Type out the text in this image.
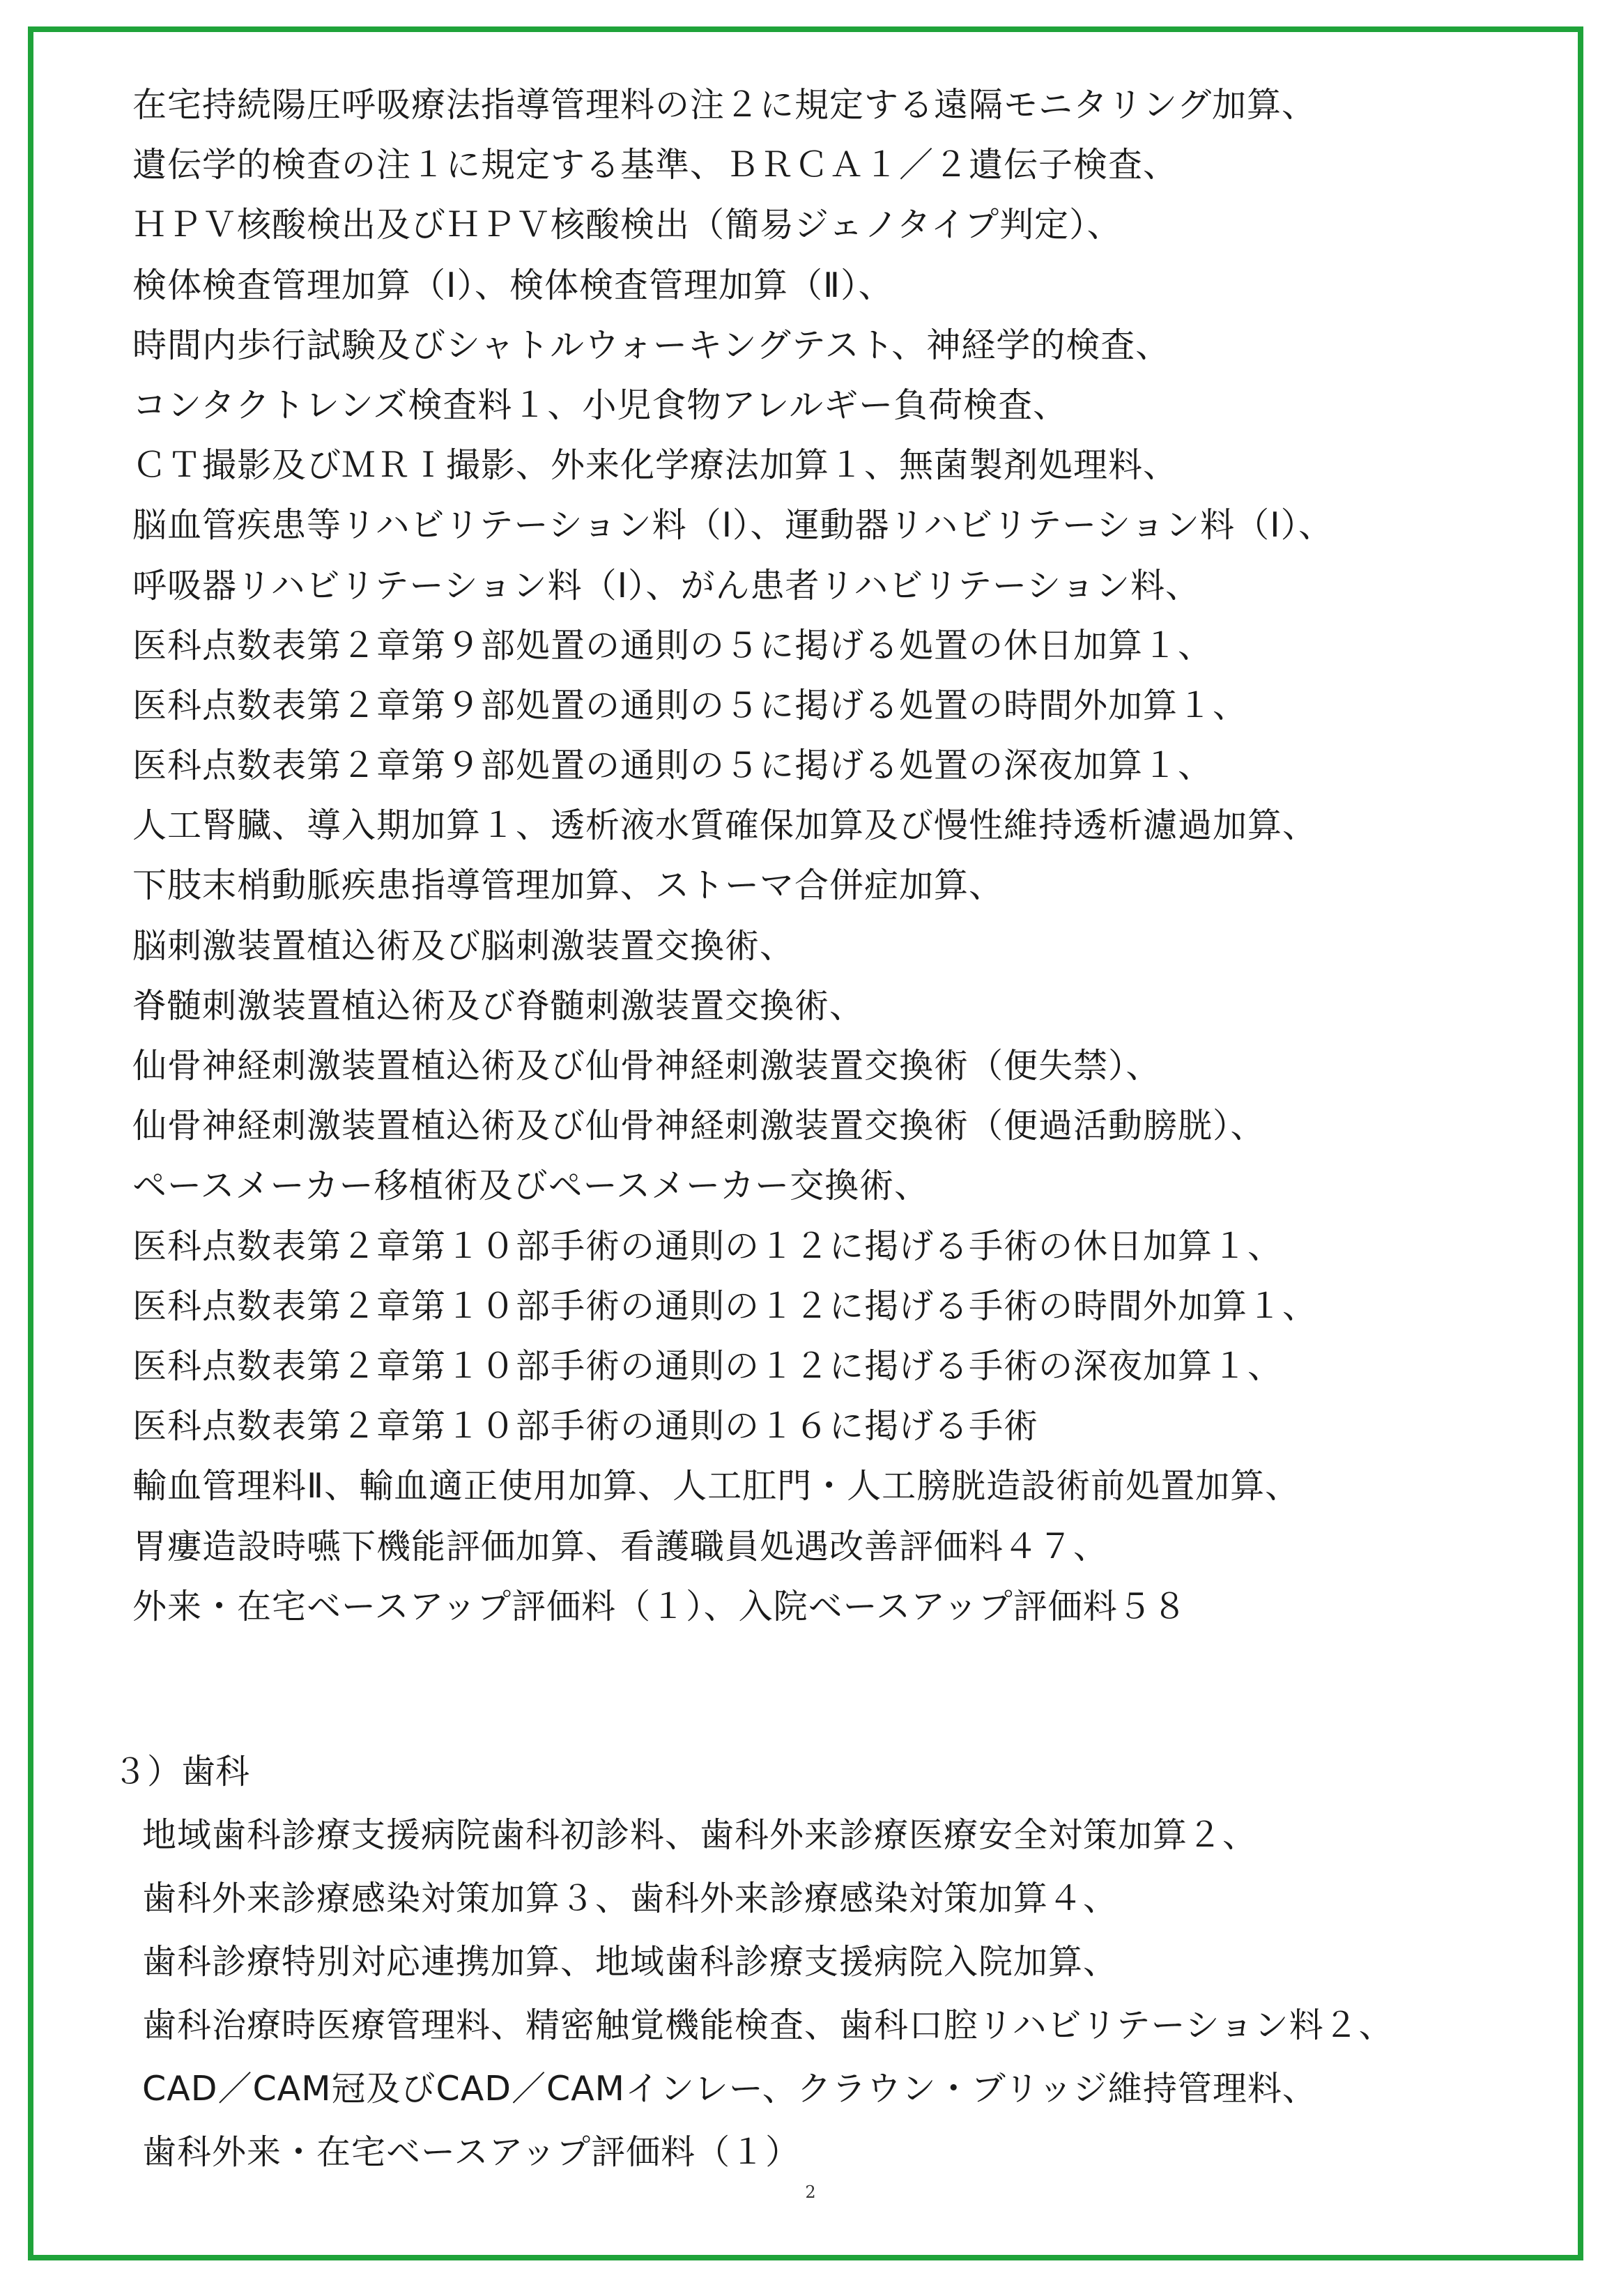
在宅持続陽圧呼吸療法指導管理料の注２に規定する遠隔モニタリング加算、
遺伝学的検査の注１に規定する基準、ＢＲＣＡ１／２遺伝子検査、
ＨＰＶ核酸検出及びＨＰＶ核酸検出（簡易ジェノタイプ判定）、
検体検査管理加算（Ⅰ）、検体検査管理加算（Ⅱ）、
時間内歩行試験及びシャトルウォーキングテスト、神経学的検査、
コンタクトレンズ検査料１、小児食物アレルギー負荷検査、
ＣＴ撮影及びＭＲＩ撮影、外来化学療法加算１、無菌製剤処理料、
脳血管疾患等リハビリテーション料（Ⅰ）、運動器リハビリテーション料（Ⅰ）、
呼吸器リハビリテーション料（Ⅰ）、がん患者リハビリテーション料、
医科点数表第２章第９部処置の通則の５に掲げる処置の休日加算１、
医科点数表第２章第９部処置の通則の５に掲げる処置の時間外加算１、
医科点数表第２章第９部処置の通則の５に掲げる処置の深夜加算１、
人工腎臓、導入期加算１、透析液水質確保加算及び慢性維持透析濾過加算、
下肢末梢動脈疾患指導管理加算、ストーマ合併症加算、
脳刺激装置植込術及び脳刺激装置交換術、
脊髄刺激装置植込術及び脊髄刺激装置交換術、
仙骨神経刺激装置植込術及び仙骨神経刺激装置交換術（便失禁）、
仙骨神経刺激装置植込術及び仙骨神経刺激装置交換術（便過活動膀胱）、
ペースメーカー移植術及びペースメーカー交換術、
医科点数表第２章第１０部手術の通則の１２に掲げる手術の休日加算１、
医科点数表第２章第１０部手術の通則の１２に掲げる手術の時間外加算１、
医科点数表第２章第１０部手術の通則の１２に掲げる手術の深夜加算１、
医科点数表第２章第１０部手術の通則の１６に掲げる手術
輸血管理料Ⅱ、輸血適正使用加算、人工肛門・人工膀胱造設術前処置加算、
胃瘻造設時嚥下機能評価加算、看護職員処遇改善評価料４７、
外来・在宅ベースアップ評価料（１）、入院ベースアップ評価料５８
３）歯科
地域歯科診療支援病院歯科初診料、歯科外来診療医療安全対策加算２、
歯科外来診療感染対策加算３、歯科外来診療感染対策加算４、
歯科診療特別対応連携加算、地域歯科診療支援病院入院加算、
歯科治療時医療管理料、精密触覚機能検査、歯科口腔リハビリテーション料２、
CAD／CAM冠及びCAD／CAMインレー、クラウン・ブリッジ維持管理料、
歯科外来・在宅ベースアップ評価料（１）
2
